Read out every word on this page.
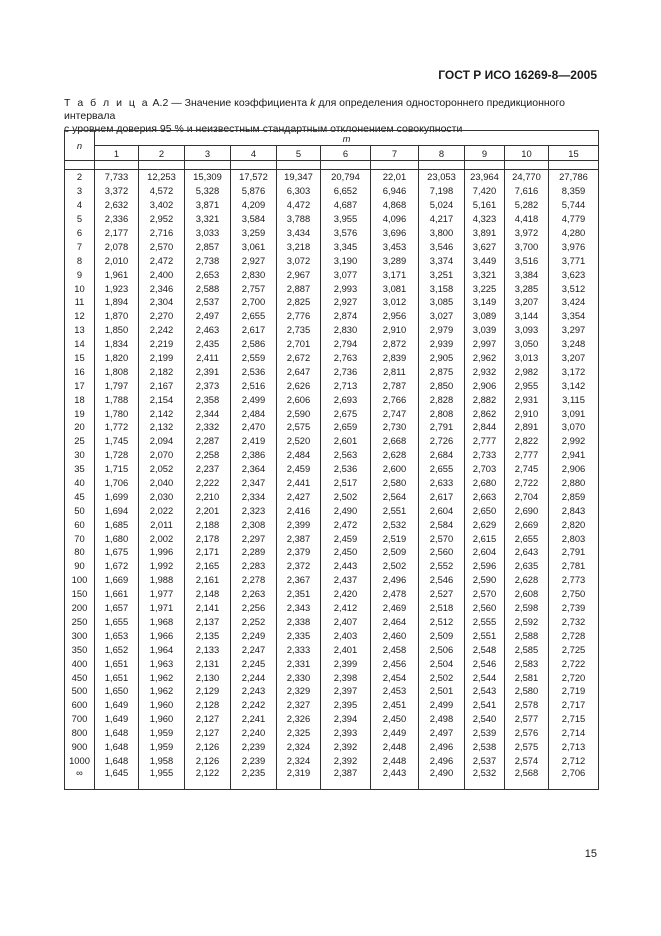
ГОСТ Р ИСО 16269-8—2005
Т а б л и ц а А.2 — Значение коэффициента k для определения одностороннего предикционного интервала
с уровнем доверия 95 % и неизвестным стандартным отклонением совокупности
n	m										
	1	2	3	4	5	6	7	8	9	10	15

2	7,733	12,253	15,309	17,572	19,347	20,794	22,01	23,053	23,964	24,770	27,786
3	3,372	4,572	5,328	5,876	6,303	6,652	6,946	7,198	7,420	7,616	8,359
4	2,632	3,402	3,871	4,209	4,472	4,687	4,868	5,024	5,161	5,282	5,744
5	2,336	2,952	3,321	3,584	3,788	3,955	4,096	4,217	4,323	4,418	4,779
6	2,177	2,716	3,033	3,259	3,434	3,576	3,696	3,800	3,891	3,972	4,280
7	2,078	2,570	2,857	3,061	3,218	3,345	3,453	3,546	3,627	3,700	3,976
8	2,010	2,472	2,738	2,927	3,072	3,190	3,289	3,374	3,449	3,516	3,771
9	1,961	2,400	2,653	2,830	2,967	3,077	3,171	3,251	3,321	3,384	3,623
10	1,923	2,346	2,588	2,757	2,887	2,993	3,081	3,158	3,225	3,285	3,512
11	1,894	2,304	2,537	2,700	2,825	2,927	3,012	3,085	3,149	3,207	3,424
12	1,870	2,270	2,497	2,655	2,776	2,874	2,956	3,027	3,089	3,144	3,354
13	1,850	2,242	2,463	2,617	2,735	2,830	2,910	2,979	3,039	3,093	3,297
14	1,834	2,219	2,435	2,586	2,701	2,794	2,872	2,939	2,997	3,050	3,248
15	1,820	2,199	2,411	2,559	2,672	2,763	2,839	2,905	2,962	3,013	3,207
16	1,808	2,182	2,391	2,536	2,647	2,736	2,811	2,875	2,932	2,982	3,172
17	1,797	2,167	2,373	2,516	2,626	2,713	2,787	2,850	2,906	2,955	3,142
18	1,788	2,154	2,358	2,499	2,606	2,693	2,766	2,828	2,882	2,931	3,115
19	1,780	2,142	2,344	2,484	2,590	2,675	2,747	2,808	2,862	2,910	3,091
20	1,772	2,132	2,332	2,470	2,575	2,659	2,730	2,791	2,844	2,891	3,070
25	1,745	2,094	2,287	2,419	2,520	2,601	2,668	2,726	2,777	2,822	2,992
30	1,728	2,070	2,258	2,386	2,484	2,563	2,628	2,684	2,733	2,777	2,941
35	1,715	2,052	2,237	2,364	2,459	2,536	2,600	2,655	2,703	2,745	2,906
40	1,706	2,040	2,222	2,347	2,441	2,517	2,580	2,633	2,680	2,722	2,880
45	1,699	2,030	2,210	2,334	2,427	2,502	2,564	2,617	2,663	2,704	2,859
50	1,694	2,022	2,201	2,323	2,416	2,490	2,551	2,604	2,650	2,690	2,843
60	1,685	2,011	2,188	2,308	2,399	2,472	2,532	2,584	2,629	2,669	2,820
70	1,680	2,002	2,178	2,297	2,387	2,459	2,519	2,570	2,615	2,655	2,803
80	1,675	1,996	2,171	2,289	2,379	2,450	2,509	2,560	2,604	2,643	2,791
90	1,672	1,992	2,165	2,283	2,372	2,443	2,502	2,552	2,596	2,635	2,781
100	1,669	1,988	2,161	2,278	2,367	2,437	2,496	2,546	2,590	2,628	2,773
150	1,661	1,977	2,148	2,263	2,351	2,420	2,478	2,527	2,570	2,608	2,750
200	1,657	1,971	2,141	2,256	2,343	2,412	2,469	2,518	2,560	2,598	2,739
250	1,655	1,968	2,137	2,252	2,338	2,407	2,464	2,512	2,555	2,592	2,732
300	1,653	1,966	2,135	2,249	2,335	2,403	2,460	2,509	2,551	2,588	2,728
350	1,652	1,964	2,133	2,247	2,333	2,401	2,458	2,506	2,548	2,585	2,725
400	1,651	1,963	2,131	2,245	2,331	2,399	2,456	2,504	2,546	2,583	2,722
450	1,651	1,962	2,130	2,244	2,330	2,398	2,454	2,502	2,544	2,581	2,720
500	1,650	1,962	2,129	2,243	2,329	2,397	2,453	2,501	2,543	2,580	2,719
600	1,649	1,960	2,128	2,242	2,327	2,395	2,451	2,499	2,541	2,578	2,717
700	1,649	1,960	2,127	2,241	2,326	2,394	2,450	2,498	2,540	2,577	2,715
800	1,648	1,959	2,127	2,240	2,325	2,393	2,449	2,497	2,539	2,576	2,714
900	1,648	1,959	2,126	2,239	2,324	2,392	2,448	2,496	2,538	2,575	2,713
1000	1,648	1,958	2,126	2,239	2,324	2,392	2,448	2,496	2,537	2,574	2,712
∞	1,645	1,955	2,122	2,235	2,319	2,387	2,443	2,490	2,532	2,568	2,706
15
